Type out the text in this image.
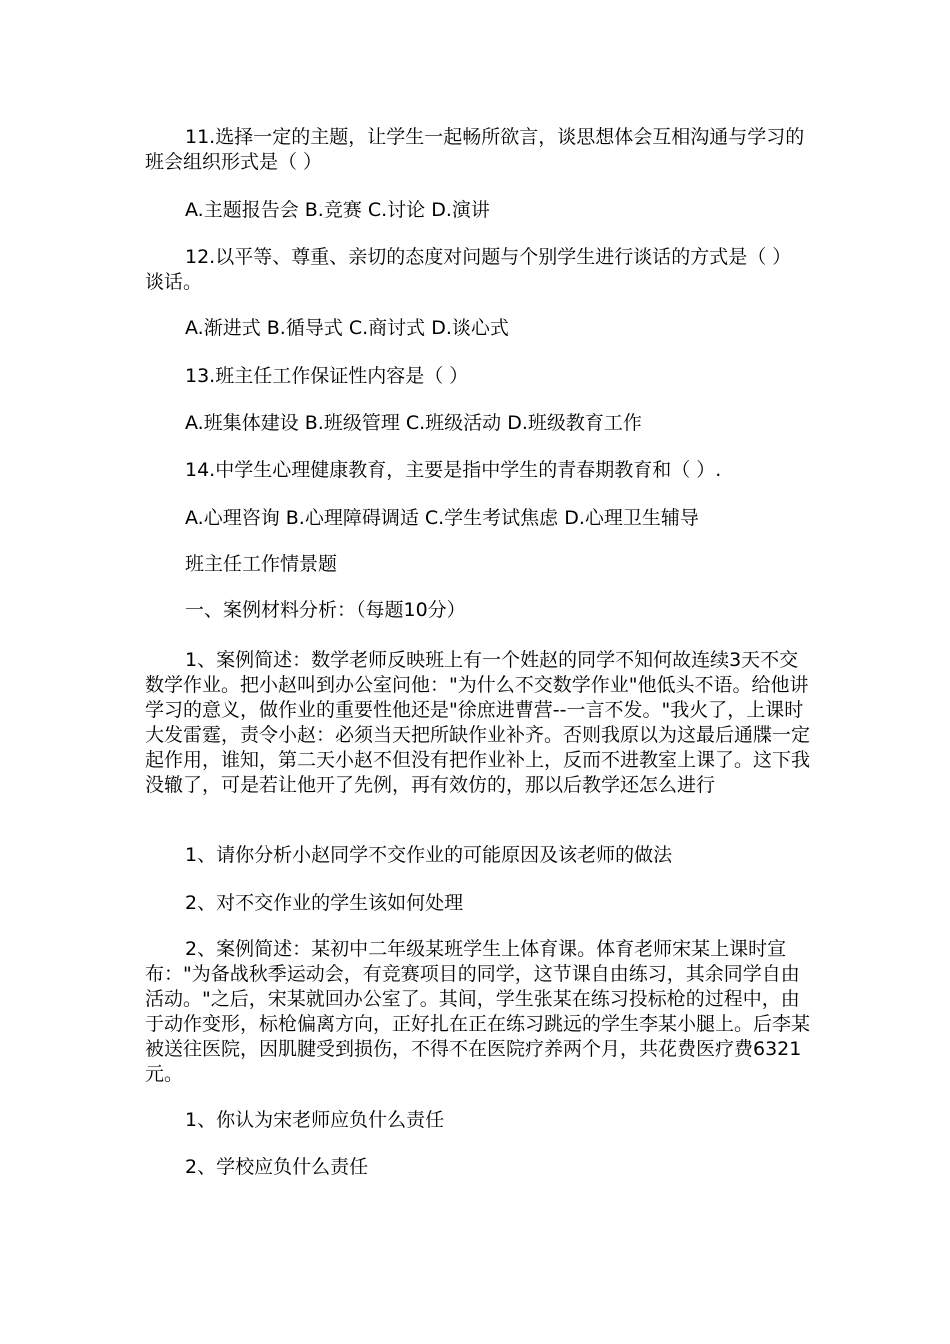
11.选择一定的主题，让学生一起畅所欲言，谈思想体会互相沟通与学习的班会组织形式是（ ）

A.主题报告会 B.竞赛 C.讨论 D.演讲

12.以平等、尊重、亲切的态度对问题与个别学生进行谈话的方式是（ ）谈话。

A.渐进式 B.循导式 C.商讨式 D.谈心式

13.班主任工作保证性内容是（ ）

A.班集体建设 B.班级管理 C.班级活动 D.班级教育工作

14.中学生心理健康教育，主要是指中学生的青春期教育和（ ）.

A.心理咨询 B.心理障碍调适 C.学生考试焦虑 D.心理卫生辅导

班主任工作情景题

一、案例材料分析：（每题10分）

1、案例简述：数学老师反映班上有一个姓赵的同学不知何故连续3天不交数学作业。把小赵叫到办公室问他："为什么不交数学作业"他低头不语。给他讲学习的意义，做作业的重要性他还是"徐庶进曹营--一言不发。"我火了，上课时大发雷霆，责令小赵：必须当天把所缺作业补齐。否则我原以为这最后通牒一定起作用，谁知，第二天小赵不但没有把作业补上，反而不进教室上课了。这下我没辙了，可是若让他开了先例，再有效仿的，那以后教学还怎么进行

1、请你分析小赵同学不交作业的可能原因及该老师的做法

2、对不交作业的学生该如何处理

2、案例简述：某初中二年级某班学生上体育课。体育老师宋某上课时宣布："为备战秋季运动会，有竞赛项目的同学，这节课自由练习，其余同学自由活动。"之后，宋某就回办公室了。其间，学生张某在练习投标枪的过程中，由于动作变形，标枪偏离方向，正好扎在正在练习跳远的学生李某小腿上。后李某被送往医院，因肌腱受到损伤，不得不在医院疗养两个月，共花费医疗费6321元。

1、你认为宋老师应负什么责任

2、学校应负什么责任
